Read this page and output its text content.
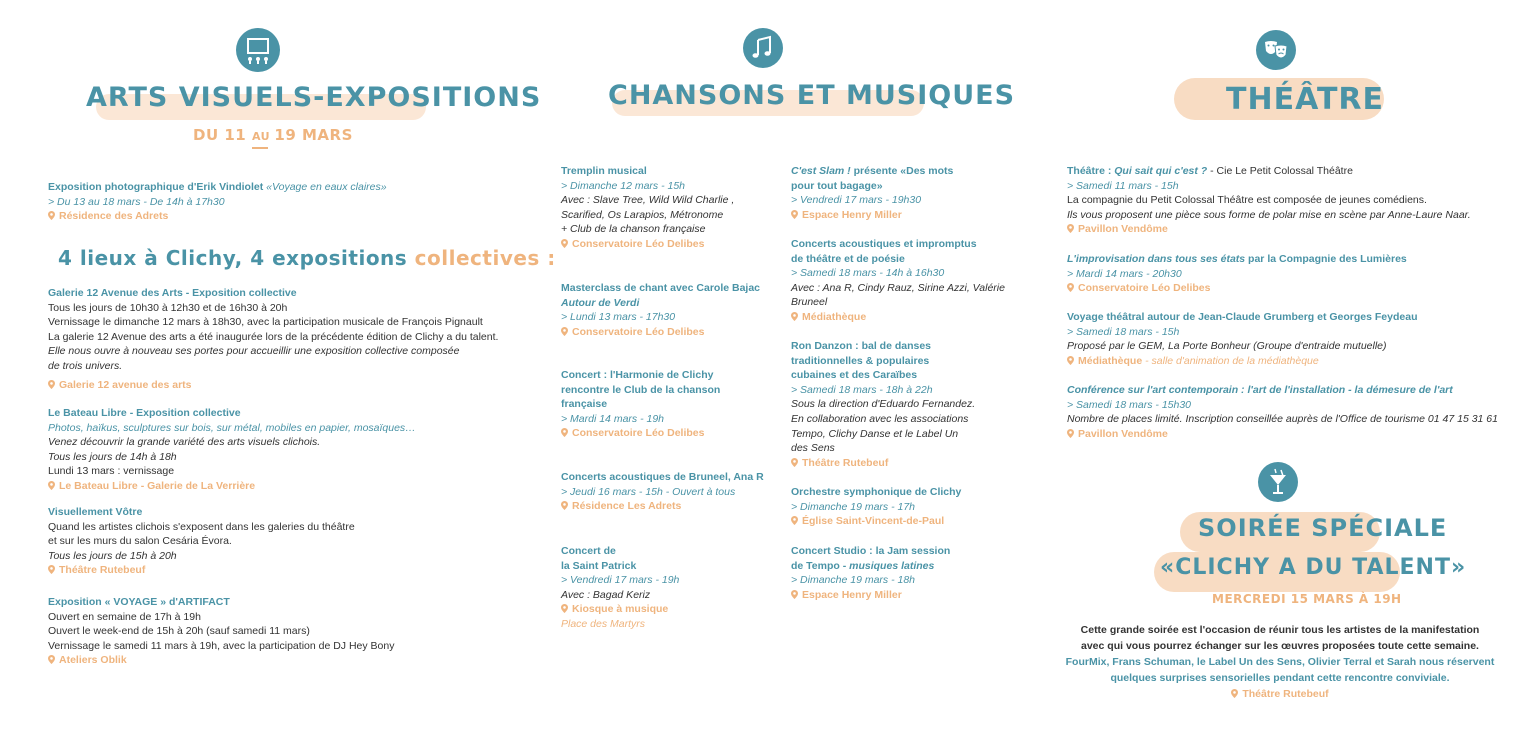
ARTS VISUELS-EXPOSITIONS
DU 11 AU 19 MARS
Exposition photographique d'Erik Vindiolet «Voyage en eaux claires»
> Du 13 au 18 mars - De 14h à 17h30
Résidence des Adrets
4 lieux à Clichy, 4 expositions collectives :
Galerie 12 Avenue des Arts - Exposition collective
Tous les jours de 10h30 à 12h30 et de 16h30 à 20h
Vernissage le dimanche 12 mars à 18h30, avec la participation musicale de François Pignault
La galerie 12 Avenue des arts a été inaugurée lors de la précédente édition de Clichy a du talent.
Elle nous ouvre à nouveau ses portes pour accueillir une exposition collective composée
de trois univers.
Galerie 12 avenue des arts
Le Bateau Libre - Exposition collective
Photos, haïkus, sculptures sur bois, sur métal, mobiles en papier, mosaïques…
Venez découvrir la grande variété des arts visuels clichois.
Tous les jours de 14h à 18h
Lundi 13 mars : vernissage
Le Bateau Libre - Galerie de La Verrière
Visuellement Vôtre
Quand les artistes clichois s'exposent dans les galeries du théâtre
et sur les murs du salon Cesária Évora.
Tous les jours de 15h à 20h
Théâtre Rutebeuf
Exposition « VOYAGE » d'ARTIFACT
Ouvert en semaine de 17h à 19h
Ouvert le week-end de 15h à 20h (sauf samedi 11 mars)
Vernissage le samedi 11 mars à 19h, avec la participation de DJ Hey Bony
Ateliers Oblik
CHANSONS ET MUSIQUES
Tremplin musical
> Dimanche 12 mars - 15h
Avec : Slave Tree, Wild Wild Charlie ,
Scarified, Os Larapios, Métronome
+ Club de la chanson française
Conservatoire Léo Delibes
Masterclass de chant avec Carole Bajac
Autour de Verdi
> Lundi 13 mars - 17h30
Conservatoire Léo Delibes
Concert : l'Harmonie de Clichy
rencontre le Club de la chanson
française
> Mardi 14 mars - 19h
Conservatoire Léo Delibes
Concerts acoustiques de Bruneel, Ana R
> Jeudi 16 mars - 15h - Ouvert à tous
Résidence Les Adrets
Concert de
la Saint Patrick
> Vendredi 17 mars - 19h
Avec : Bagad Keriz
Kiosque à musique
Place des Martyrs
C'est Slam ! présente «Des mots
pour tout bagage»
> Vendredi 17 mars - 19h30
Espace Henry Miller
Concerts acoustiques et impromptus
de théâtre et de poésie
> Samedi 18 mars - 14h à 16h30
Avec : Ana R, Cindy Rauz, Sirine Azzi, Valérie
Bruneel
Médiathèque
Ron Danzon : bal de danses
traditionnelles & populaires
cubaines et des Caraïbes
> Samedi 18 mars - 18h à 22h
Sous la direction d'Eduardo Fernandez.
En collaboration avec les associations
Tempo, Clichy Danse et le Label Un
des Sens
Théâtre Rutebeuf
Orchestre symphonique de Clichy
> Dimanche 19 mars - 17h
Église Saint-Vincent-de-Paul
Concert Studio : la Jam session
de Tempo - musiques latines
> Dimanche 19 mars - 18h
Espace Henry Miller
THÉÂTRE
Théâtre : Qui sait qui c'est ? - Cie Le Petit Colossal Théâtre
> Samedi 11 mars - 15h
La compagnie du Petit Colossal Théâtre est composée de jeunes comédiens.
Ils vous proposent une pièce sous forme de polar mise en scène par Anne-Laure Naar.
Pavillon Vendôme
L'improvisation dans tous ses états par la Compagnie des Lumières
> Mardi 14 mars - 20h30
Conservatoire Léo Delibes
Voyage théâtral autour de Jean-Claude Grumberg et Georges Feydeau
> Samedi 18 mars - 15h
Proposé par le GEM, La Porte Bonheur (Groupe d'entraide mutuelle)
Médiathèque - salle d'animation de la médiathèque
Conférence sur l'art contemporain : l'art de l'installation - la démesure de l'art
> Samedi 18 mars - 15h30
Nombre de places limité. Inscription conseillée auprès de l'Office de tourisme 01 47 15 31 61
Pavillon Vendôme
SOIRÉE SPÉCIALE
«CLICHY A DU TALENT»
MERCREDI 15 MARS À 19H
Cette grande soirée est l'occasion de réunir tous les artistes de la manifestation
avec qui vous pourrez échanger sur les œuvres proposées toute cette semaine.
FourMix, Frans Schuman, le Label Un des Sens, Olivier Terral et Sarah nous réservent
quelques surprises sensorielles pendant cette rencontre conviviale.
Théâtre Rutebeuf
